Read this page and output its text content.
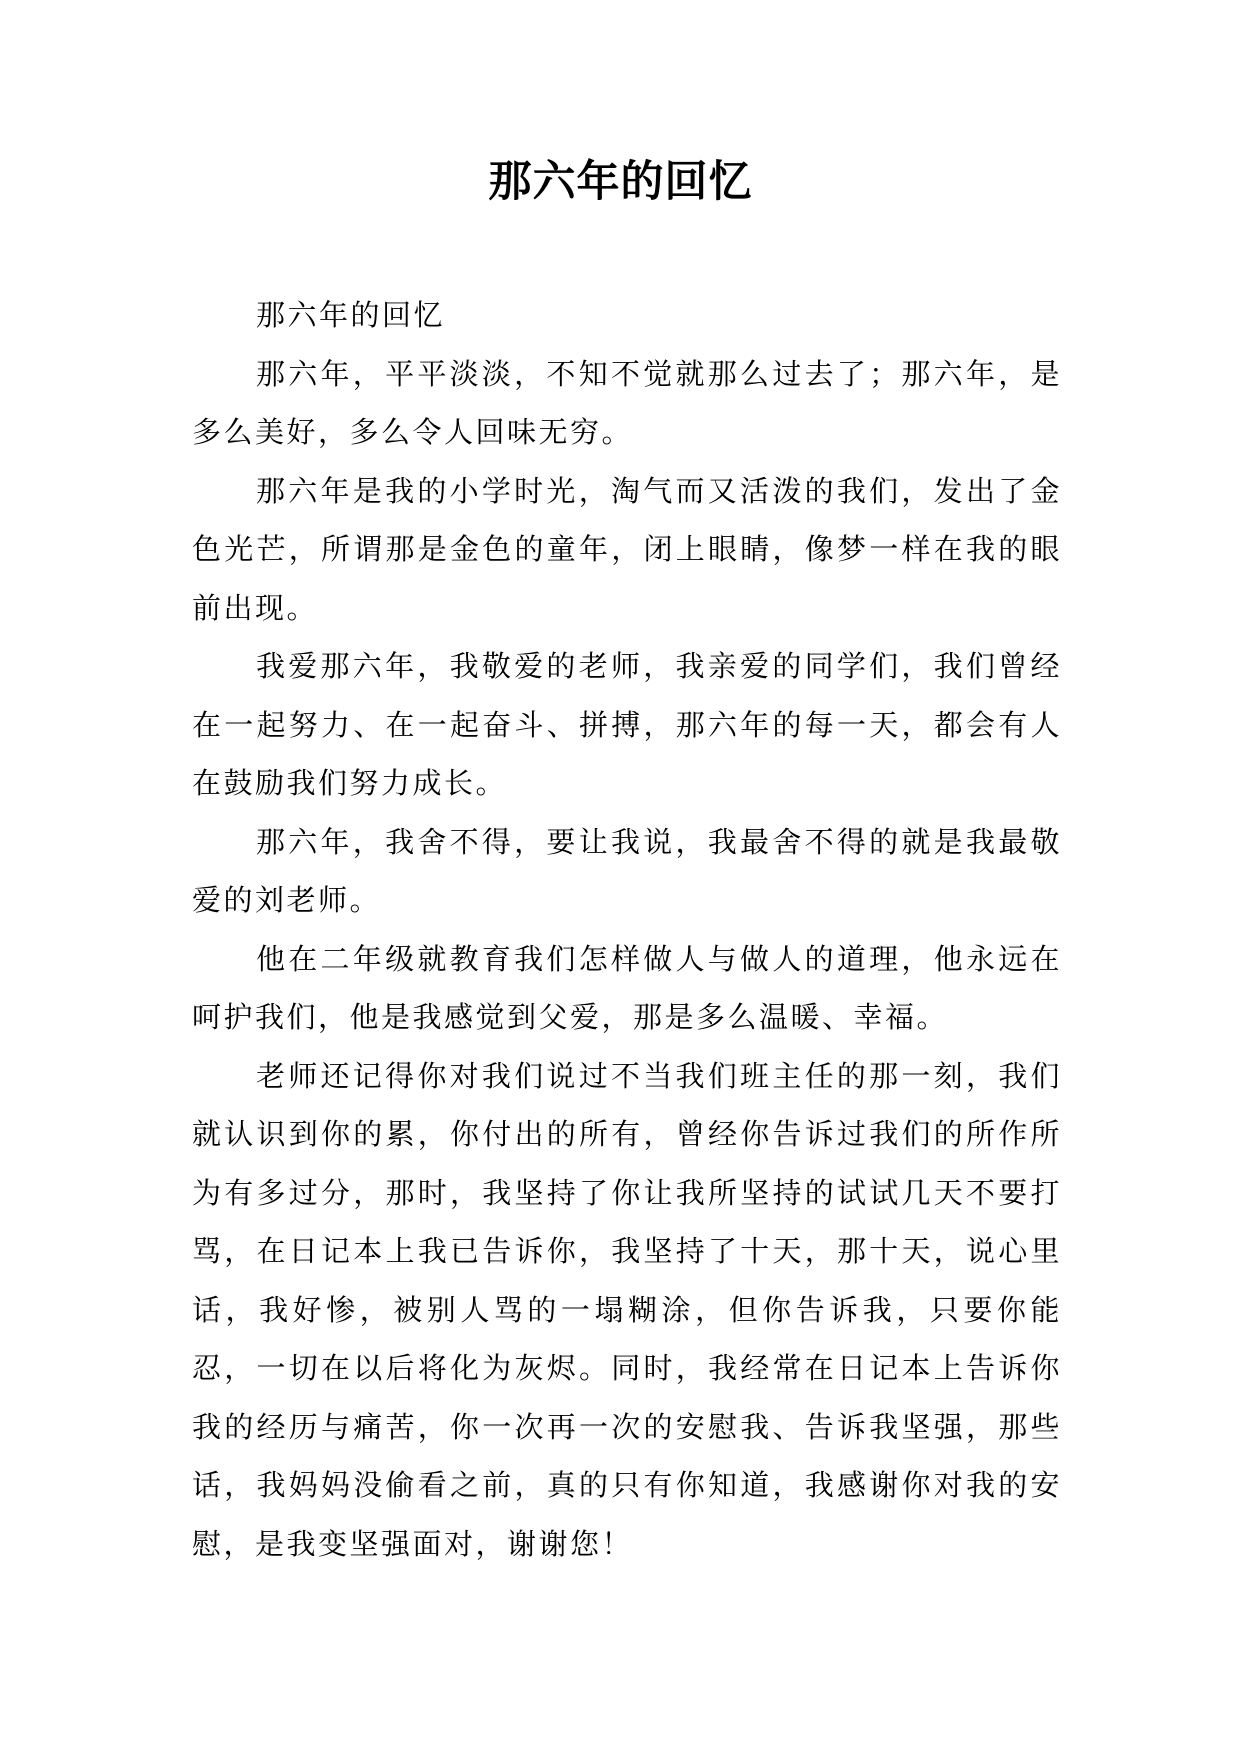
那六年的回忆

那六年的回忆

那六年，平平淡淡，不知不觉就那么过去了；那六年，是多么美好，多么令人回味无穷。

那六年是我的小学时光，淘气而又活泼的我们，发出了金色光芒，所谓那是金色的童年，闭上眼睛，像梦一样在我的眼前出现。

我爱那六年，我敬爱的老师，我亲爱的同学们，我们曾经在一起努力、在一起奋斗、拼搏，那六年的每一天，都会有人在鼓励我们努力成长。

那六年，我舍不得，要让我说，我最舍不得的就是我最敬爱的刘老师。

他在二年级就教育我们怎样做人与做人的道理，他永远在呵护我们，他是我感觉到父爱，那是多么温暖、幸福。

老师还记得你对我们说过不当我们班主任的那一刻，我们就认识到你的累，你付出的所有，曾经你告诉过我们的所作所为有多过分，那时，我坚持了你让我所坚持的试试几天不要打骂，在日记本上我已告诉你，我坚持了十天，那十天，说心里话，我好惨，被别人骂的一塌糊涂，但你告诉我，只要你能忍，一切在以后将化为灰烬。同时，我经常在日记本上告诉你我的经历与痛苦，你一次再一次的安慰我、告诉我坚强，那些话，我妈妈没偷看之前，真的只有你知道，我感谢你对我的安慰，是我变坚强面对，谢谢您！
